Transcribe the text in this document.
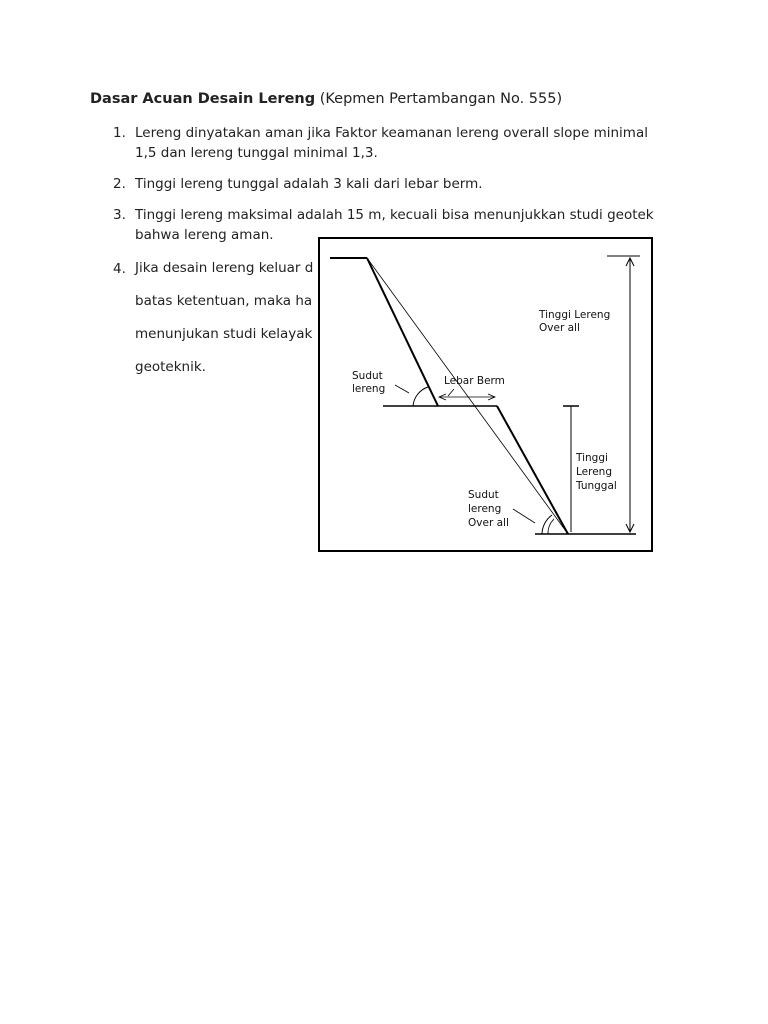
Dasar Acuan Desain Lereng (Kepmen Pertambangan No. 555)
1. Lereng dinyatakan aman jika Faktor keamanan lereng overall slope minimal
1,5 dan lereng tunggal minimal 1,3.
2. Tinggi lereng tunggal adalah 3 kali dari lebar berm.
3. Tinggi lereng maksimal adalah 15 m, kecuali bisa menunjukkan studi geotek
bahwa lereng aman.
4. Jika desain lereng keluar d
batas ketentuan, maka ha
menunjukan studi kelayak
geoteknik.
Tinggi Lereng
Over all
Sudut
lereng
Lebar Berm
Tinggi
Lereng
Tunggal
Sudut
lereng
Over all
